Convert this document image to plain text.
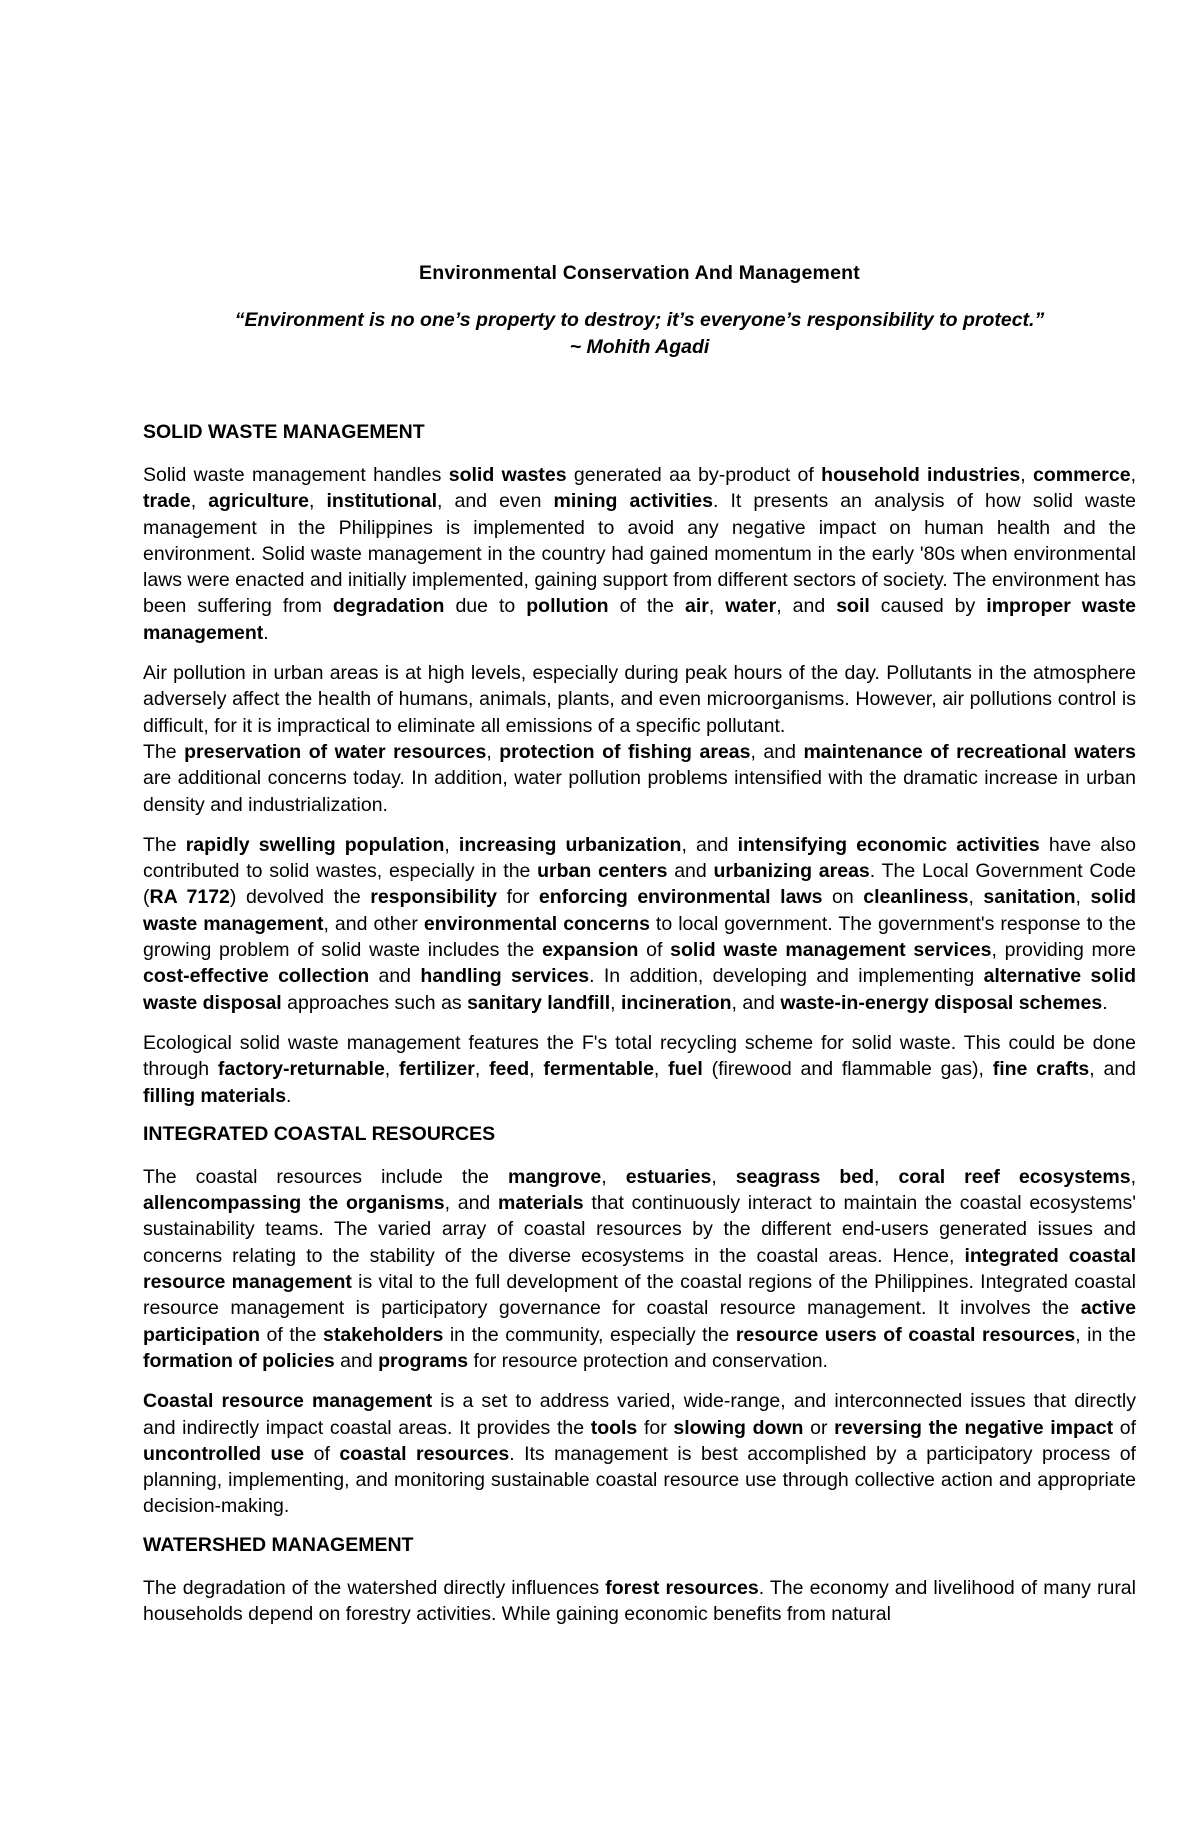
Environmental Conservation And Management
“Environment is no one’s property to destroy; it’s everyone’s responsibility to protect.”
~ Mohith Agadi
SOLID WASTE MANAGEMENT

Solid waste management handles solid wastes generated aa by-product of household industries, commerce, trade, agriculture, institutional, and even mining activities. It presents an analysis of how solid waste management in the Philippines is implemented to avoid any negative impact on human health and the environment. Solid waste management in the country had gained momentum in the early '80s when environmental laws were enacted and initially implemented, gaining support from different sectors of society. The environment has been suffering from degradation due to pollution of the air, water, and soil caused by improper waste management.

Air pollution in urban areas is at high levels, especially during peak hours of the day. Pollutants in the atmosphere adversely affect the health of humans, animals, plants, and even microorganisms. However, air pollutions control is difficult, for it is impractical to eliminate all emissions of a specific pollutant.

The preservation of water resources, protection of fishing areas, and maintenance of recreational waters are additional concerns today. In addition, water pollution problems intensified with the dramatic increase in urban density and industrialization.

The rapidly swelling population, increasing urbanization, and intensifying economic activities have also contributed to solid wastes, especially in the urban centers and urbanizing areas. The Local Government Code (RA 7172) devolved the responsibility for enforcing environmental laws on cleanliness, sanitation, solid waste management, and other environmental concerns to local government. The government's response to the growing problem of solid waste includes the expansion of solid waste management services, providing more cost-effective collection and handling services. In addition, developing and implementing alternative solid waste disposal approaches such as sanitary landfill, incineration, and waste-in-energy disposal schemes.

Ecological solid waste management features the F's total recycling scheme for solid waste. This could be done through factory-returnable, fertilizer, feed, fermentable, fuel (firewood and flammable gas), fine crafts, and filling materials.

INTEGRATED COASTAL RESOURCES

The coastal resources include the mangrove, estuaries, seagrass bed, coral reef ecosystems, allencompassing the organisms, and materials that continuously interact to maintain the coastal ecosystems' sustainability teams. The varied array of coastal resources by the different end-users generated issues and concerns relating to the stability of the diverse ecosystems in the coastal areas. Hence, integrated coastal resource management is vital to the full development of the coastal regions of the Philippines. Integrated coastal resource management is participatory governance for coastal resource management. It involves the active participation of the stakeholders in the community, especially the resource users of coastal resources, in the formation of policies and programs for resource protection and conservation.

Coastal resource management is a set to address varied, wide-range, and interconnected issues that directly and indirectly impact coastal areas. It provides the tools for slowing down or reversing the negative impact of uncontrolled use of coastal resources. Its management is best accomplished by a participatory process of planning, implementing, and monitoring sustainable coastal resource use through collective action and appropriate decision-making.

WATERSHED MANAGEMENT

The degradation of the watershed directly influences forest resources. The economy and livelihood of many rural households depend on forestry activities. While gaining economic benefits from natural
